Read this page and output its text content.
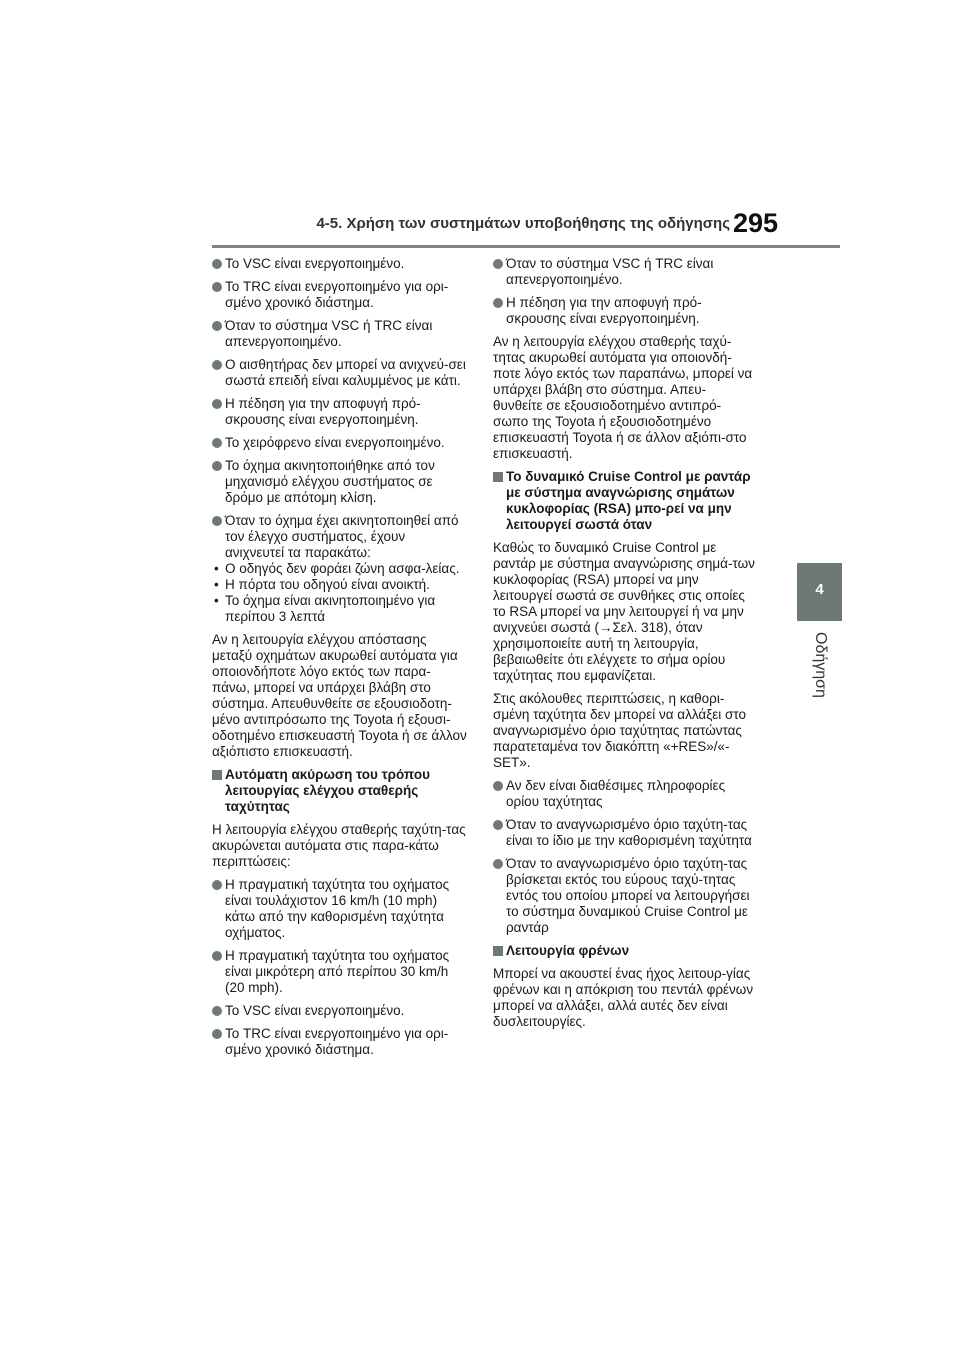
4-5. Χρήση των συστημάτων υποβοήθησης της οδήγησης 295
4
Οδήγηση
Το VSC είναι ενεργοποιημένο.
Το TRC είναι ενεργοποιημένο για ορι-σμένο χρονικό διάστημα.
Όταν το σύστημα VSC ή TRC είναι απενεργοποιημένο.
Ο αισθητήρας δεν μπορεί να ανιχνεύ-σει σωστά επειδή είναι καλυμμένος με κάτι.
Η πέδηση για την αποφυγή πρό-σκρουσης είναι ενεργοποιημένη.
Το χειρόφρενο είναι ενεργοποιημένο.
Το όχημα ακινητοποιήθηκε από τον μηχανισμό ελέγχου συστήματος σε δρόμο με απότομη κλίση.
Όταν το όχημα έχει ακινητοποιηθεί από τον έλεγχο συστήματος, έχουν ανιχνευτεί τα παρακάτω:
• Ο οδηγός δεν φοράει ζώνη ασφα-λείας.
• Η πόρτα του οδηγού είναι ανοικτή.
• Το όχημα είναι ακινητοποιημένο για περίπου 3 λεπτά
Αν η λειτουργία ελέγχου απόστασης μεταξύ οχημάτων ακυρωθεί αυτόματα για οποιονδήποτε λόγο εκτός των παρα-πάνω, μπορεί να υπάρχει βλάβη στο σύστημα. Απευθυνθείτε σε εξουσιοδοτη-μένο αντιπρόσωπο της Toyota ή εξουσι-οδοτημένο επισκευαστή Toyota ή σε άλλον αξιόπιστο επισκευαστή.
Αυτόματη ακύρωση του τρόπου λειτουργίας ελέγχου σταθερής ταχύτητας
Η λειτουργία ελέγχου σταθερής ταχύτη-τας ακυρώνεται αυτόματα στις παρα-κάτω περιπτώσεις:
Η πραγματική ταχύτητα του οχήματος είναι τουλάχιστον 16 km/h (10 mph) κάτω από την καθορισμένη ταχύτητα οχήματος.
Η πραγματική ταχύτητα του οχήματος είναι μικρότερη από περίπου 30 km/h (20 mph).
Το VSC είναι ενεργοποιημένο.
Το TRC είναι ενεργοποιημένο για ορι-σμένο χρονικό διάστημα.
Όταν το σύστημα VSC ή TRC είναι απενεργοποιημένο.
Η πέδηση για την αποφυγή πρό-σκρουσης είναι ενεργοποιημένη.
Αν η λειτουργία ελέγχου σταθερής ταχύ-τητας ακυρωθεί αυτόματα για οποιονδή-ποτε λόγο εκτός των παραπάνω, μπορεί να υπάρχει βλάβη στο σύστημα. Απευ-θυνθείτε σε εξουσιοδοτημένο αντιπρό-σωπο της Toyota ή εξουσιοδοτημένο επισκευαστή Toyota ή σε άλλον αξιόπι-στο επισκευαστή.
Το δυναμικό Cruise Control με ραντάρ με σύστημα αναγνώρισης σημάτων κυκλοφορίας (RSA) μπο-ρεί να μην λειτουργεί σωστά όταν
Καθώς το δυναμικό Cruise Control με ραντάρ με σύστημα αναγνώρισης σημά-των κυκλοφορίας (RSA) μπορεί να μην λειτουργεί σωστά σε συνθήκες στις οποίες το RSA μπορεί να μην λειτουργεί ή να μην ανιχνεύει σωστά (→Σελ. 318), όταν χρησιμοποιείτε αυτή τη λειτουργία, βεβαιωθείτε ότι ελέγχετε το σήμα ορίου ταχύτητας που εμφανίζεται.
Στις ακόλουθες περιπτώσεις, η καθορι-σμένη ταχύτητα δεν μπορεί να αλλάξει στο αναγνωρισμένο όριο ταχύτητας πατώντας παρατεταμένα τον διακόπτη «+RES»/«-SET».
Αν δεν είναι διαθέσιμες πληροφορίες ορίου ταχύτητας
Όταν το αναγνωρισμένο όριο ταχύτη-τας είναι το ίδιο με την καθορισμένη ταχύτητα
Όταν το αναγνωρισμένο όριο ταχύτη-τας βρίσκεται εκτός του εύρους ταχύ-τητας εντός του οποίου μπορεί να λειτουργήσει το σύστημα δυναμικού Cruise Control με ραντάρ
Λειτουργία φρένων
Μπορεί να ακουστεί ένας ήχος λειτουρ-γίας φρένων και η απόκριση του πεντάλ φρένων μπορεί να αλλάξει, αλλά αυτές δεν είναι δυσλειτουργίες.
